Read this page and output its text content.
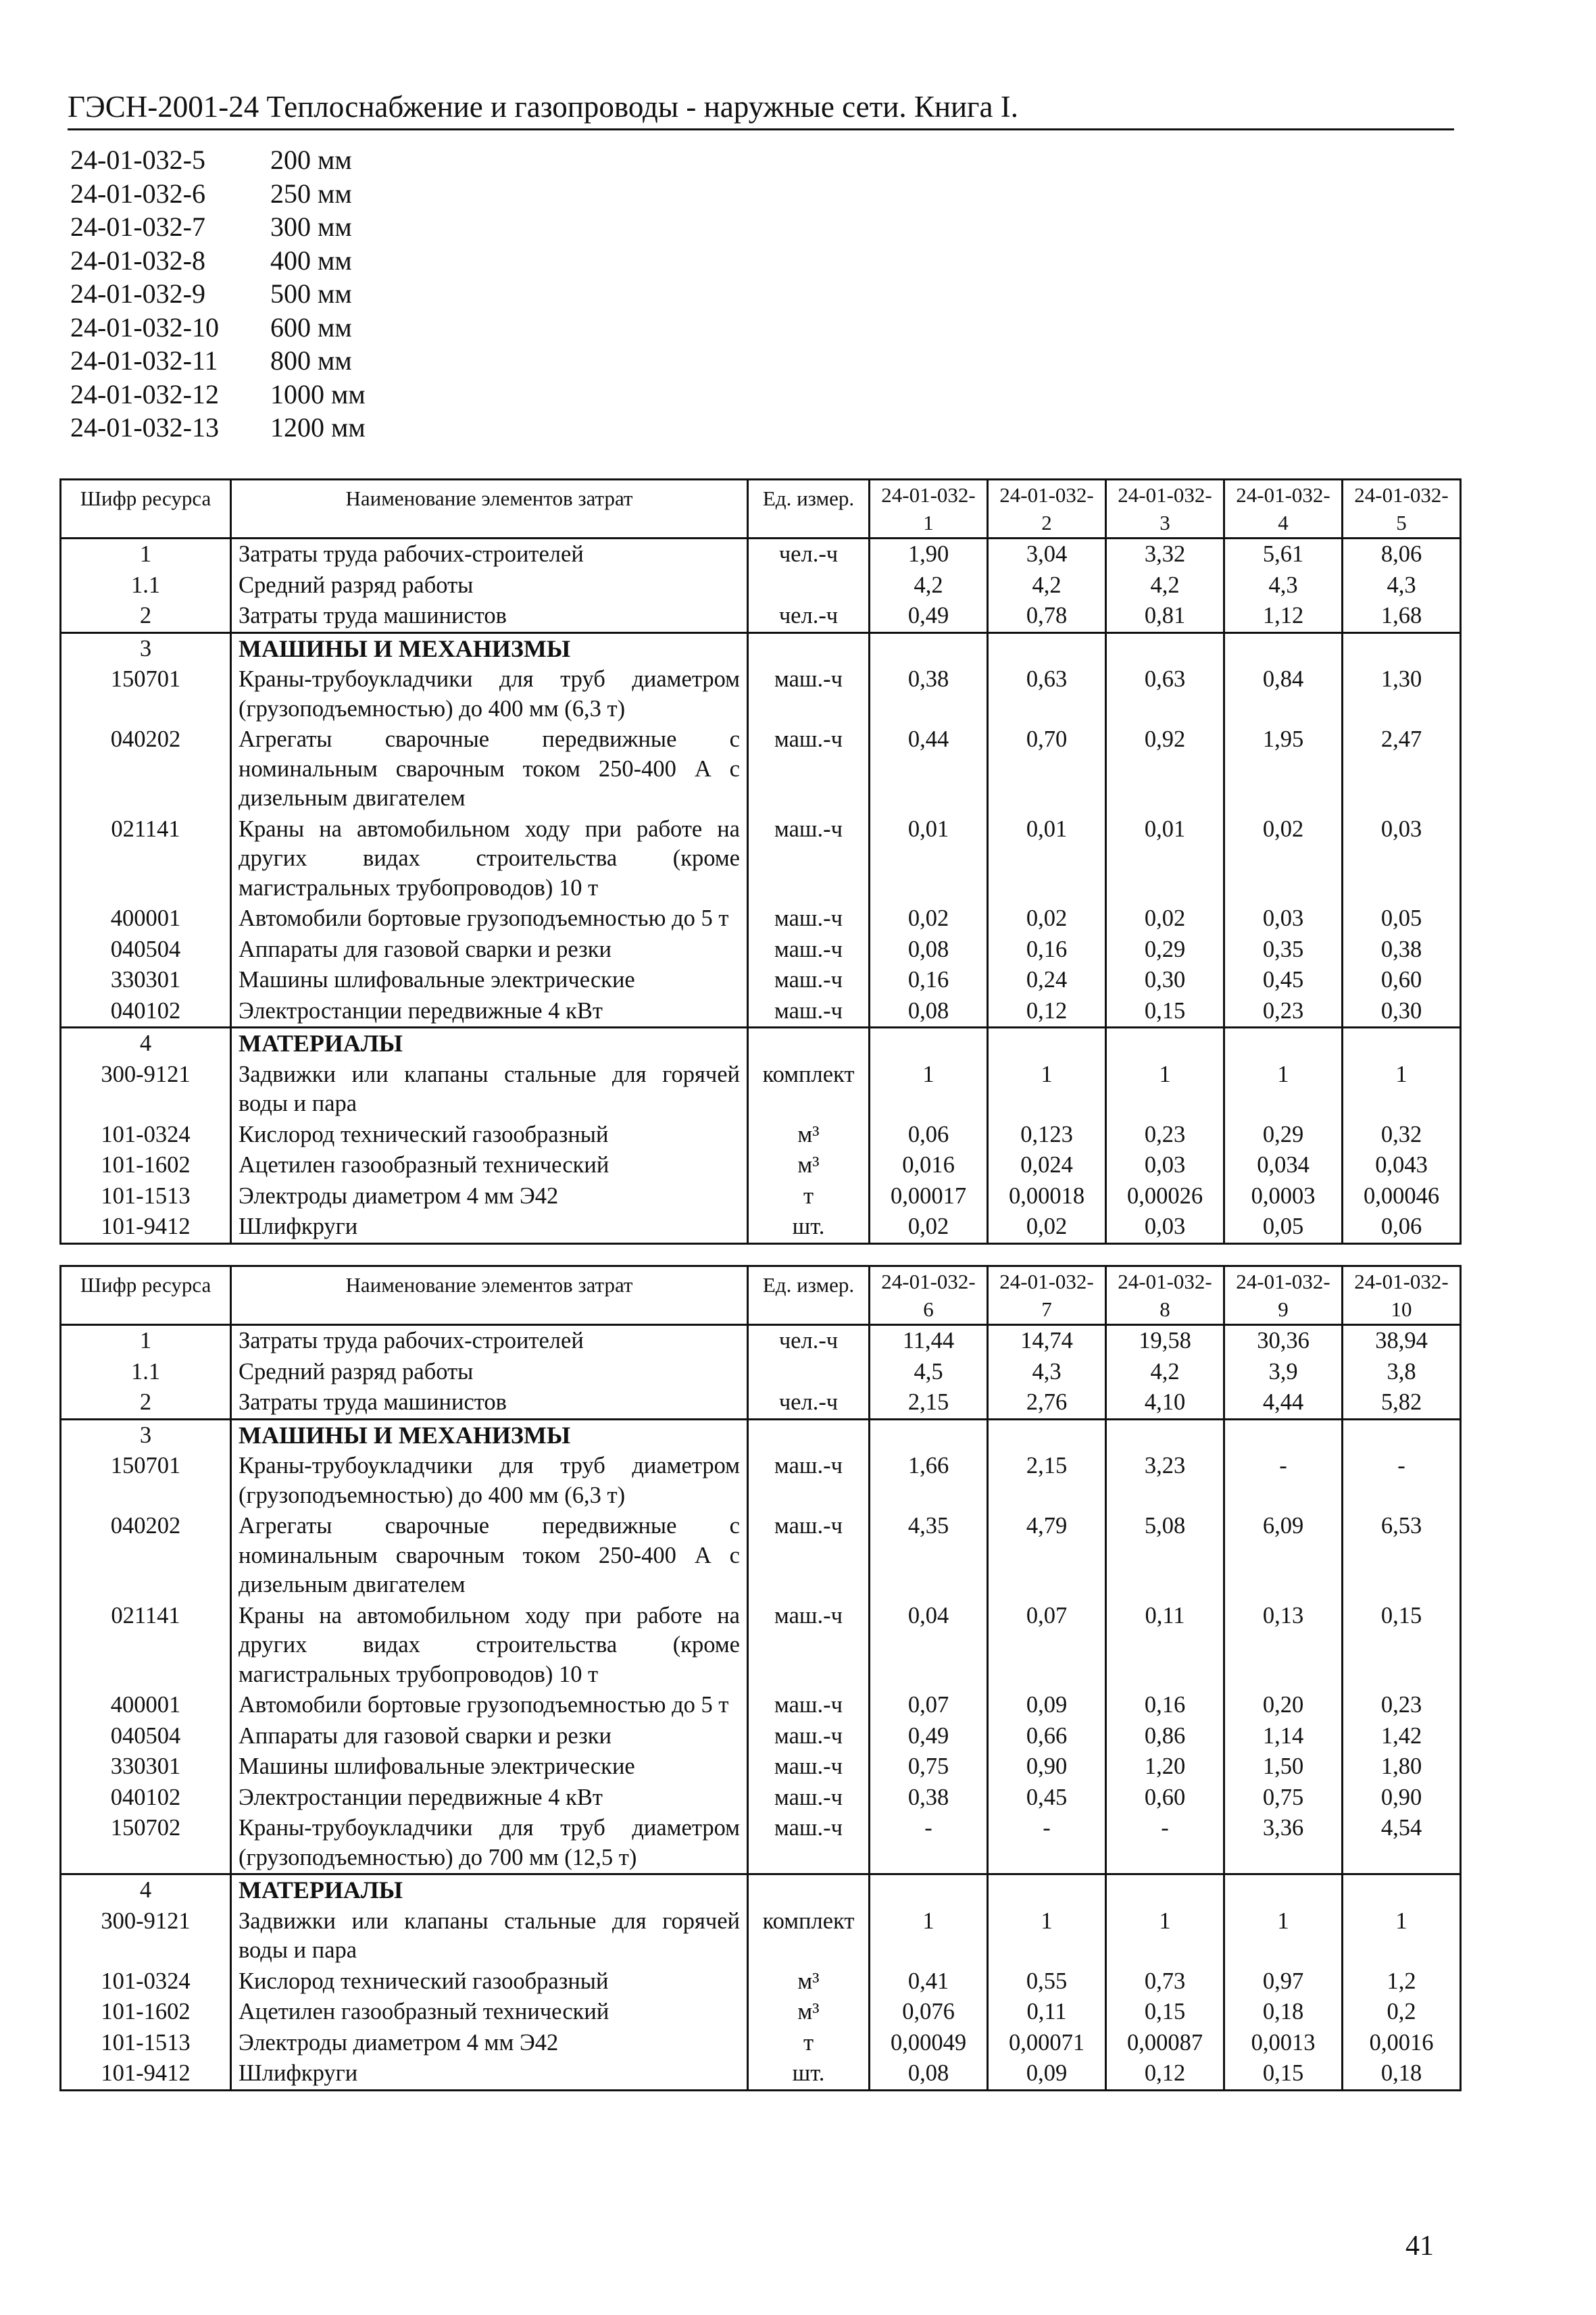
ГЭСН-2001-24 Теплоснабжение и газопроводы - наружные сети. Книга I.
24-01-032-5 200 мм
24-01-032-6 250 мм
24-01-032-7 300 мм
24-01-032-8 400 мм
24-01-032-9 500 мм
24-01-032-10 600 мм
24-01-032-11 800 мм
24-01-032-12 1000 мм
24-01-032-13 1200 мм
Шифр ресурса	Наименование элементов затрат	Ед. измер.	24-01-032-1	24-01-032-2	24-01-032-3	24-01-032-4	24-01-032-5
1	Затраты труда рабочих-строителей	чел.-ч	1,90	3,04	3,32	5,61	8,06
1.1	Средний разряд работы		4,2	4,2	4,2	4,3	4,3
2	Затраты труда машинистов	чел.-ч	0,49	0,78	0,81	1,12	1,68
3	МАШИНЫ И МЕХАНИЗМЫ						
150701	Краны-трубоукладчики для труб диаметром (грузоподъемностью) до 400 мм (6,3 т)	маш.-ч	0,38	0,63	0,63	0,84	1,30
040202	Агрегаты сварочные передвижные с номинальным сварочным током 250-400 А с дизельным двигателем	маш.-ч	0,44	0,70	0,92	1,95	2,47
021141	Краны на автомобильном ходу при работе на других видах строительства (кроме магистральных трубопроводов) 10 т	маш.-ч	0,01	0,01	0,01	0,02	0,03
400001	Автомобили бортовые грузоподъемностью до 5 т	маш.-ч	0,02	0,02	0,02	0,03	0,05
040504	Аппараты для газовой сварки и резки	маш.-ч	0,08	0,16	0,29	0,35	0,38
330301	Машины шлифовальные электрические	маш.-ч	0,16	0,24	0,30	0,45	0,60
040102	Электростанции передвижные 4 кВт	маш.-ч	0,08	0,12	0,15	0,23	0,30
4	МАТЕРИАЛЫ						
300-9121	Задвижки или клапаны стальные для горячей воды и пара	комплект	1	1	1	1	1
101-0324	Кислород технический газообразный	м³	0,06	0,123	0,23	0,29	0,32
101-1602	Ацетилен газообразный технический	м³	0,016	0,024	0,03	0,034	0,043
101-1513	Электроды диаметром 4 мм Э42	т	0,00017	0,00018	0,00026	0,0003	0,00046
101-9412	Шлифкруги	шт.	0,02	0,02	0,03	0,05	0,06
Шифр ресурса	Наименование элементов затрат	Ед. измер.	24-01-032-6	24-01-032-7	24-01-032-8	24-01-032-9	24-01-032-10
1	Затраты труда рабочих-строителей	чел.-ч	11,44	14,74	19,58	30,36	38,94
1.1	Средний разряд работы		4,5	4,3	4,2	3,9	3,8
2	Затраты труда машинистов	чел.-ч	2,15	2,76	4,10	4,44	5,82
3	МАШИНЫ И МЕХАНИЗМЫ						
150701	Краны-трубоукладчики для труб диаметром (грузоподъемностью) до 400 мм (6,3 т)	маш.-ч	1,66	2,15	3,23	-	-
040202	Агрегаты сварочные передвижные с номинальным сварочным током 250-400 А с дизельным двигателем	маш.-ч	4,35	4,79	5,08	6,09	6,53
021141	Краны на автомобильном ходу при работе на других видах строительства (кроме магистральных трубопроводов) 10 т	маш.-ч	0,04	0,07	0,11	0,13	0,15
400001	Автомобили бортовые грузоподъемностью до 5 т	маш.-ч	0,07	0,09	0,16	0,20	0,23
040504	Аппараты для газовой сварки и резки	маш.-ч	0,49	0,66	0,86	1,14	1,42
330301	Машины шлифовальные электрические	маш.-ч	0,75	0,90	1,20	1,50	1,80
040102	Электростанции передвижные 4 кВт	маш.-ч	0,38	0,45	0,60	0,75	0,90
150702	Краны-трубоукладчики для труб диаметром (грузоподъемностью) до 700 мм (12,5 т)	маш.-ч	-	-	-	3,36	4,54
4	МАТЕРИАЛЫ						
300-9121	Задвижки или клапаны стальные для горячей воды и пара	комплект	1	1	1	1	1
101-0324	Кислород технический газообразный	м³	0,41	0,55	0,73	0,97	1,2
101-1602	Ацетилен газообразный технический	м³	0,076	0,11	0,15	0,18	0,2
101-1513	Электроды диаметром 4 мм Э42	т	0,00049	0,00071	0,00087	0,0013	0,0016
101-9412	Шлифкруги	шт.	0,08	0,09	0,12	0,15	0,18
41
